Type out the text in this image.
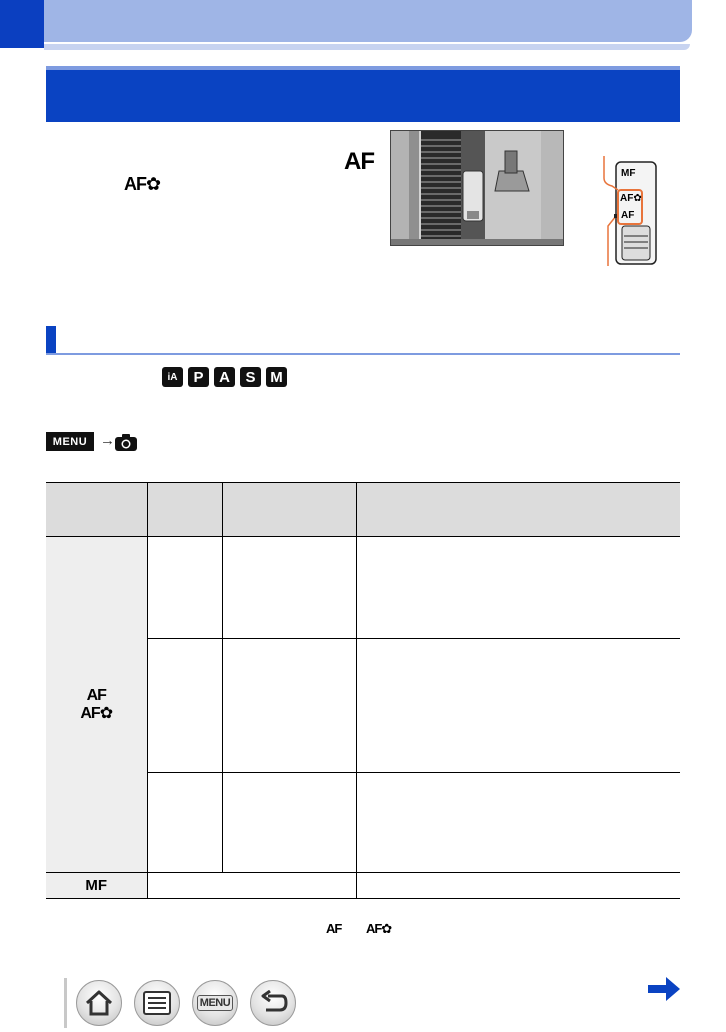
AF
AF✿
MF
AF✿
AF
iA	P	A	S M
MENU →

AF
AF✿			

MF			
AF AF✿
MENU
